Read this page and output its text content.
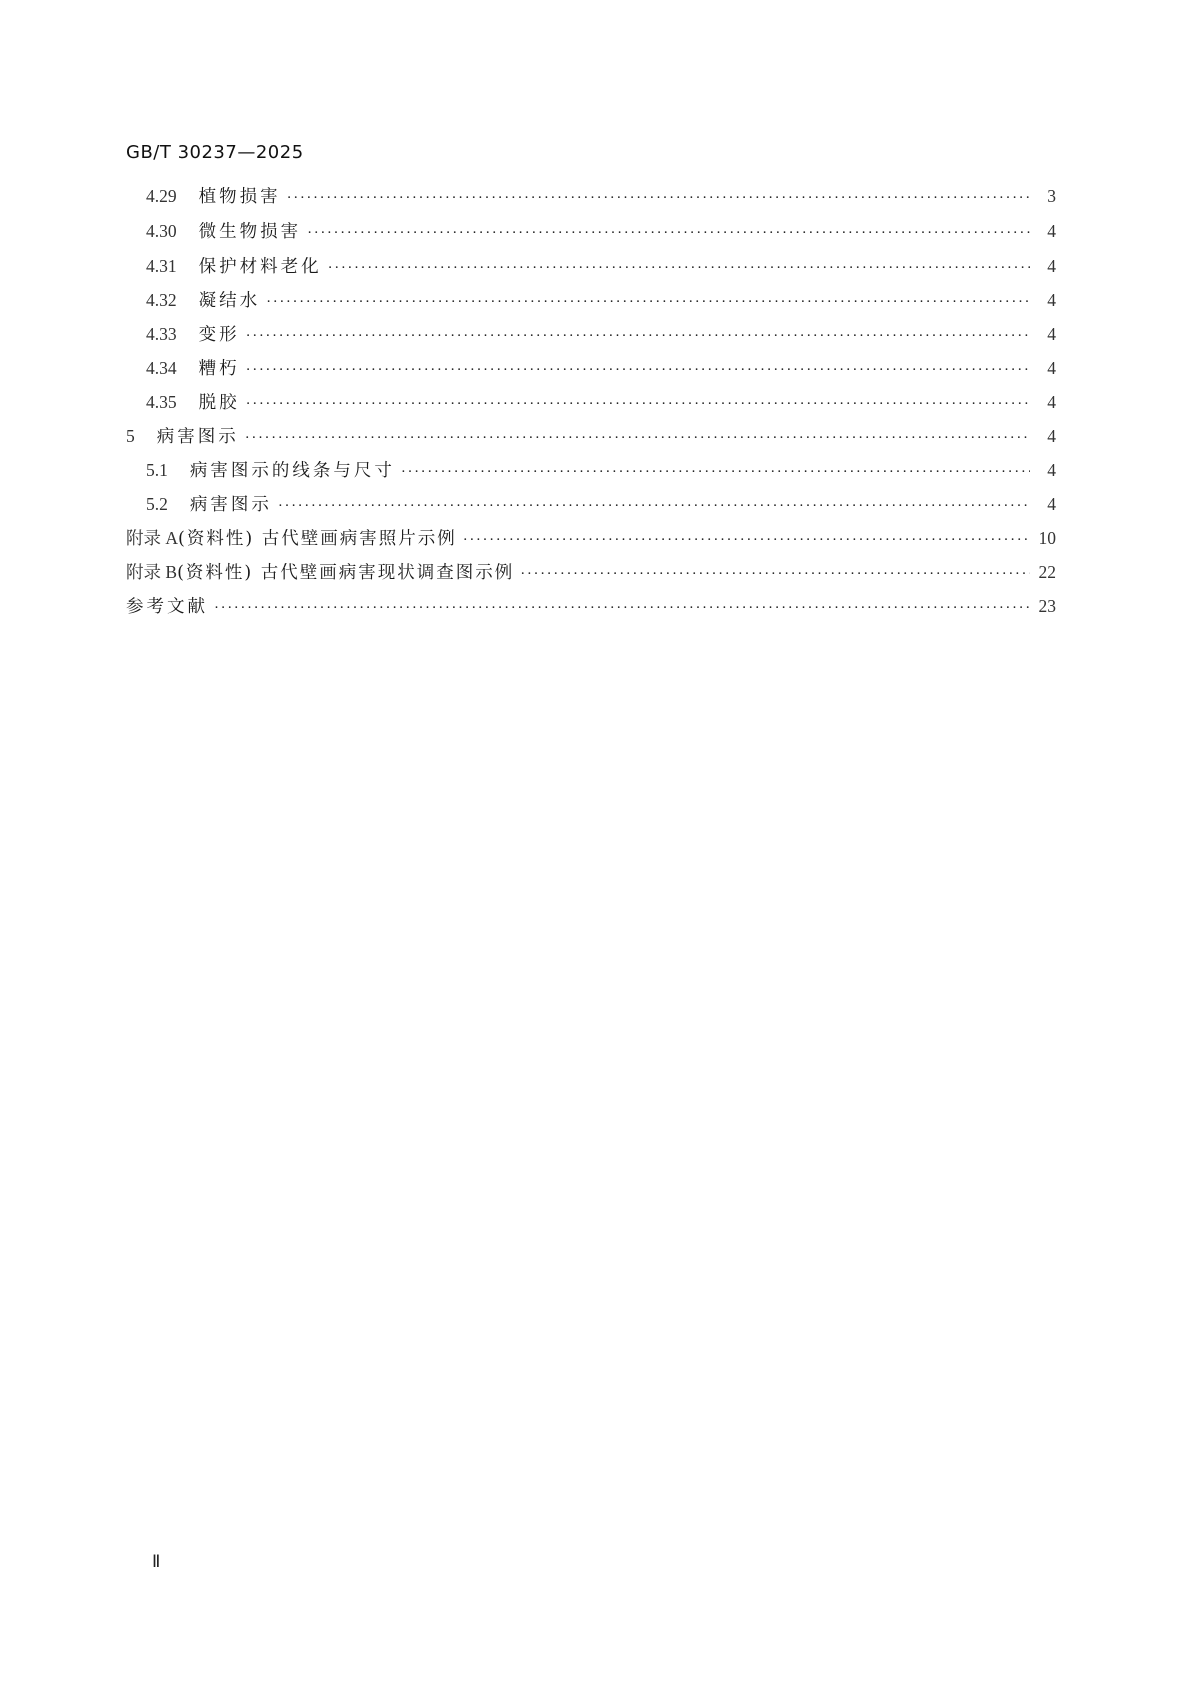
GB/T 30237—2025
4.29 植物损害 ·····	3
4.30 微生物损害 ·····	4
4.31 保护材料老化 ·····	4
4.32 凝结水 ·····	4
4.33 变形 ·····	4
4.34 糟朽 ·····	4
4.35 脱胶 ·····	4
5 病害图示 ·····	4
5.1 病害图示的线条与尺寸 ·····	4
5.2 病害图示 ·····	4
附录 A (资料性) 古代壁画病害照片示例 ·····	10
附录 B (资料性) 古代壁画病害现状调查图示例 ·····	22
参考文献 ·····	23
Ⅱ
